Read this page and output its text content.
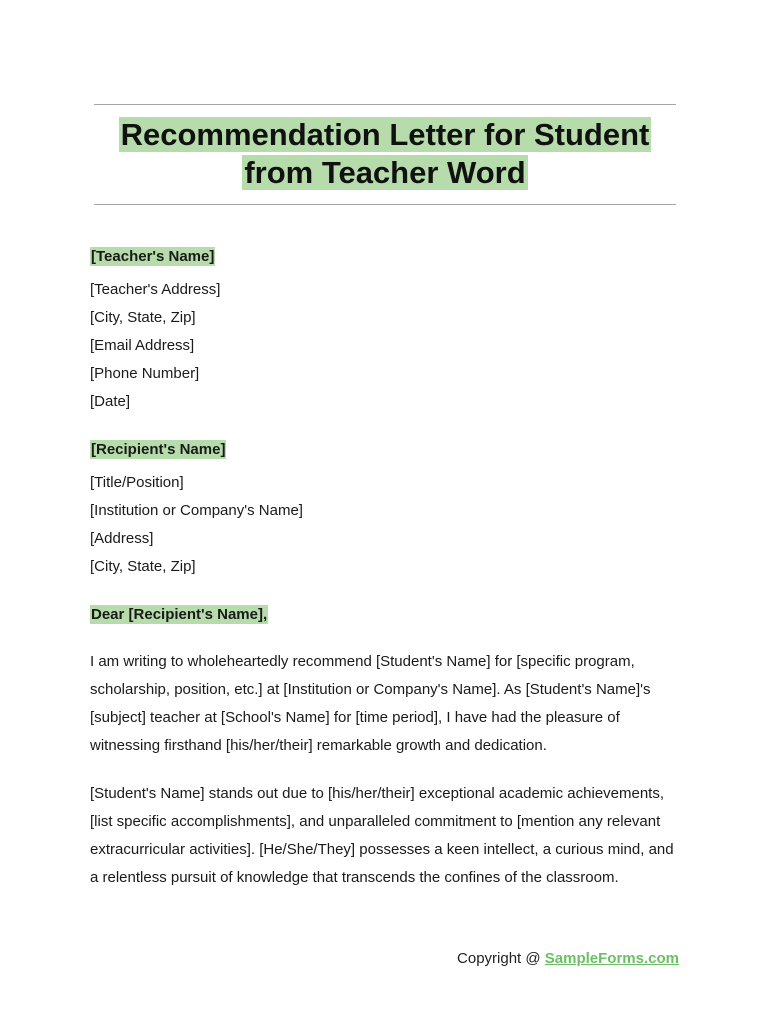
Recommendation Letter for Student
from Teacher Word
[Teacher's Name]
[Teacher's Address]
[City, State, Zip]
[Email Address]
[Phone Number]
[Date]
[Recipient's Name]
[Title/Position]
[Institution or Company's Name]
[Address]
[City, State, Zip]
Dear [Recipient's Name],
I am writing to wholeheartedly recommend [Student's Name] for [specific program,
scholarship, position, etc.] at [Institution or Company's Name]. As [Student's Name]'s
[subject] teacher at [School's Name] for [time period], I have had the pleasure of
witnessing firsthand [his/her/their] remarkable growth and dedication.
[Student's Name] stands out due to [his/her/their] exceptional academic achievements,
[list specific accomplishments], and unparalleled commitment to [mention any relevant
extracurricular activities]. [He/She/They] possesses a keen intellect, a curious mind, and
a relentless pursuit of knowledge that transcends the confines of the classroom.
Copyright @ SampleForms.com
